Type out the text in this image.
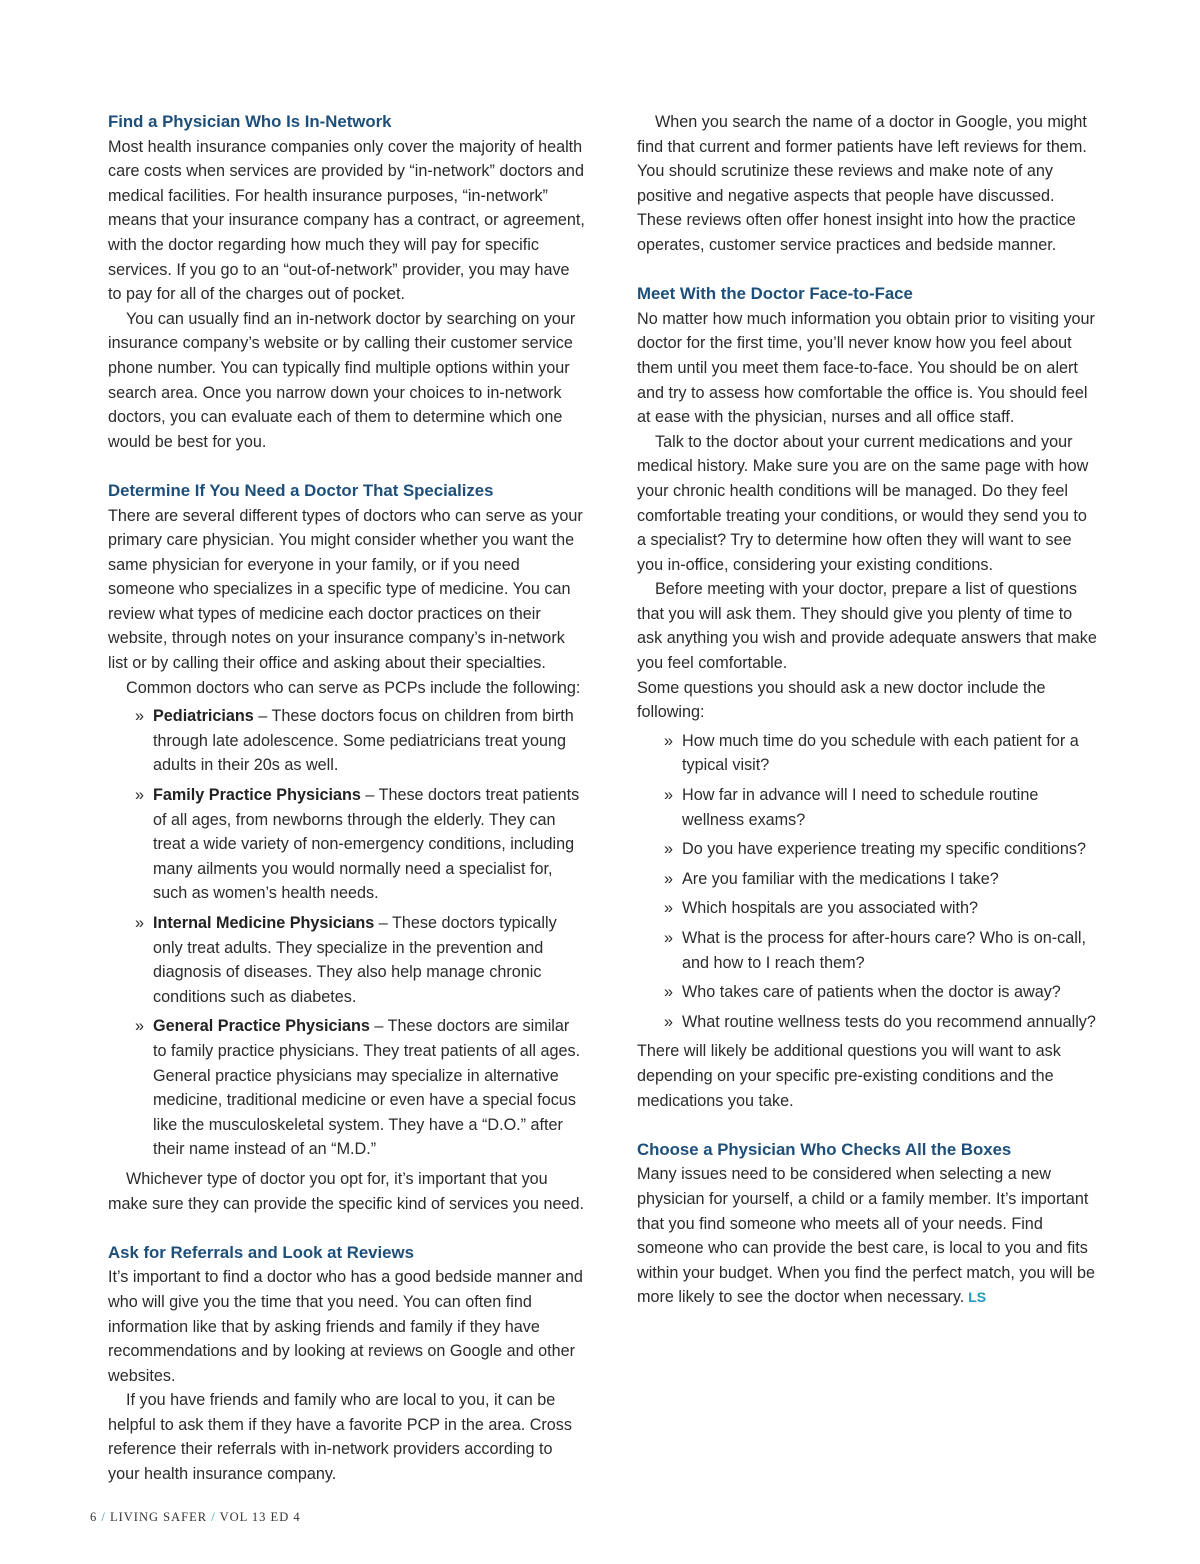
Find a Physician Who Is In-Network

Most health insurance companies only cover the majority of health care costs when services are provided by “in-network” doctors and medical facilities. For health insurance purposes, “in-network” means that your insurance company has a contract, or agreement, with the doctor regarding how much they will pay for specific services. If you go to an “out-of-network” provider, you may have to pay for all of the charges out of pocket.

You can usually find an in-network doctor by searching on your insurance company’s website or by calling their customer service phone number. You can typically find multiple options within your search area. Once you narrow down your choices to in-network doctors, you can evaluate each of them to determine which one would be best for you.

Determine If You Need a Doctor That Specializes

There are several different types of doctors who can serve as your primary care physician. You might consider whether you want the same physician for everyone in your family, or if you need someone who specializes in a specific type of medicine. You can review what types of medicine each doctor practices on their website, through notes on your insurance company’s in-network list or by calling their office and asking about their specialties.

Common doctors who can serve as PCPs include the following:

» Pediatricians – These doctors focus on children from birth through late adolescence. Some pediatricians treat young adults in their 20s as well.
» Family Practice Physicians – These doctors treat patients of all ages, from newborns through the elderly. They can treat a wide variety of non-emergency conditions, including many ailments you would normally need a specialist for, such as women’s health needs.
» Internal Medicine Physicians – These doctors typically only treat adults. They specialize in the prevention and diagnosis of diseases. They also help manage chronic conditions such as diabetes.
» General Practice Physicians – These doctors are similar to family practice physicians. They treat patients of all ages. General practice physicians may specialize in alternative medicine, traditional medicine or even have a special focus like the musculoskeletal system. They have a “D.O.” after their name instead of an “M.D.”

Whichever type of doctor you opt for, it’s important that you make sure they can provide the specific kind of services you need.

Ask for Referrals and Look at Reviews

It’s important to find a doctor who has a good bedside manner and who will give you the time that you need. You can often find information like that by asking friends and family if they have recommendations and by looking at reviews on Google and other websites.

If you have friends and family who are local to you, it can be helpful to ask them if they have a favorite PCP in the area. Cross reference their referrals with in-network providers according to your health insurance company.

When you search the name of a doctor in Google, you might find that current and former patients have left reviews for them. You should scrutinize these reviews and make note of any positive and negative aspects that people have discussed. These reviews often offer honest insight into how the practice operates, customer service practices and bedside manner.

Meet With the Doctor Face-to-Face

No matter how much information you obtain prior to visiting your doctor for the first time, you’ll never know how you feel about them until you meet them face-to-face. You should be on alert and try to assess how comfortable the office is. You should feel at ease with the physician, nurses and all office staff.

Talk to the doctor about your current medications and your medical history. Make sure you are on the same page with how your chronic health conditions will be managed. Do they feel comfortable treating your conditions, or would they send you to a specialist? Try to determine how often they will want to see you in-office, considering your existing conditions.

Before meeting with your doctor, prepare a list of questions that you will ask them. They should give you plenty of time to ask anything you wish and provide adequate answers that make you feel comfortable.

Some questions you should ask a new doctor include the following:

» How much time do you schedule with each patient for a typical visit?
» How far in advance will I need to schedule routine wellness exams?
» Do you have experience treating my specific conditions?
» Are you familiar with the medications I take?
» Which hospitals are you associated with?
» What is the process for after-hours care? Who is on-call, and how to I reach them?
» Who takes care of patients when the doctor is away?
» What routine wellness tests do you recommend annually?

There will likely be additional questions you will want to ask depending on your specific pre-existing conditions and the medications you take.

Choose a Physician Who Checks All the Boxes

Many issues need to be considered when selecting a new physician for yourself, a child or a family member. It’s important that you find someone who meets all of your needs. Find someone who can provide the best care, is local to you and fits within your budget. When you find the perfect match, you will be more likely to see the doctor when necessary. LS

6 / LIVING SAFER / VOL 13 ED 4
